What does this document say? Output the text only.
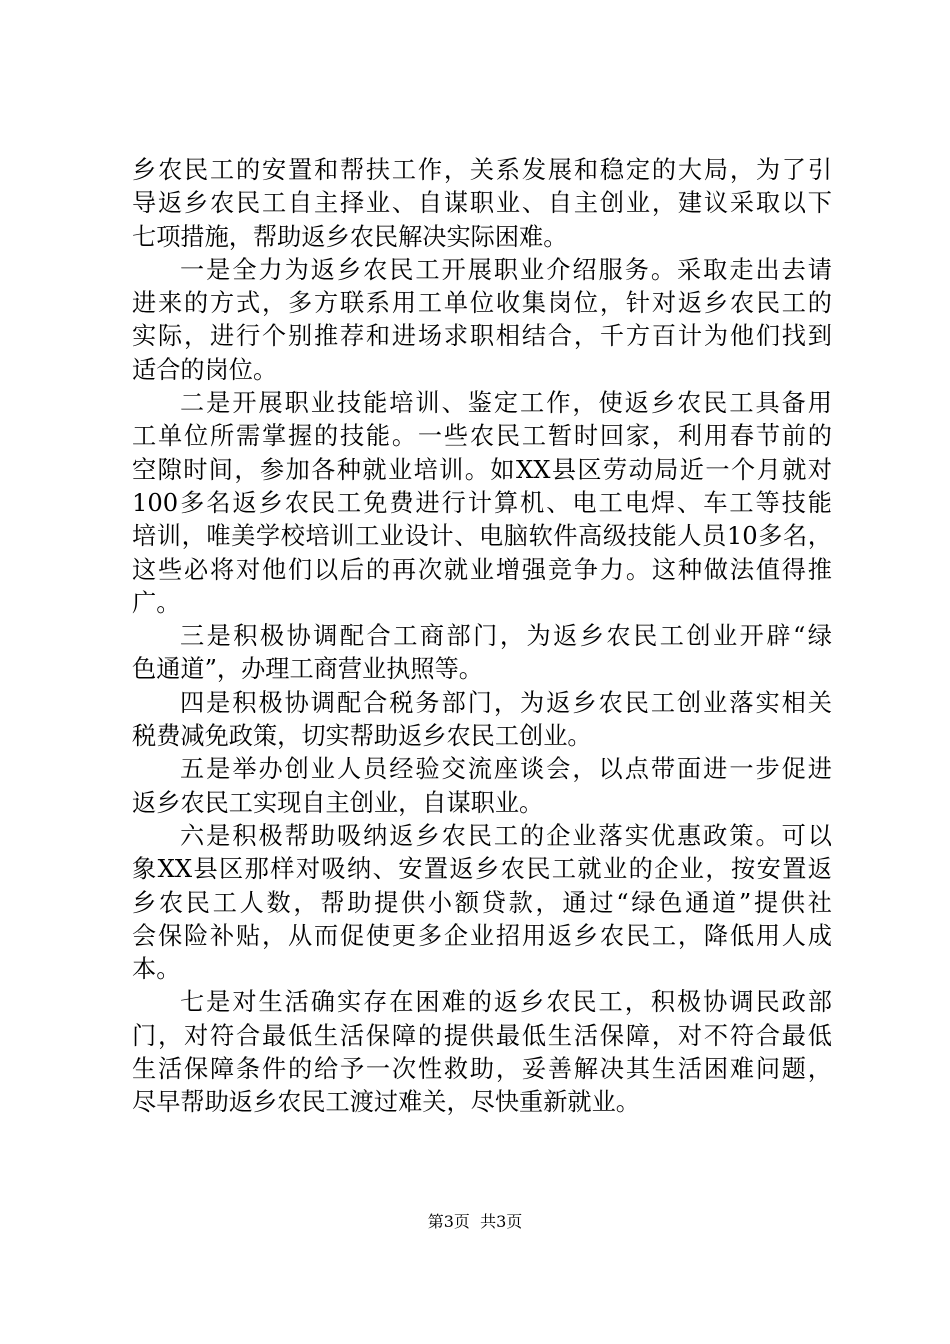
乡农民工的安置和帮扶工作，关系发展和稳定的大局，为了引
导返乡农民工自主择业、自谋职业、自主创业，建议采取以下
七项措施，帮助返乡农民解决实际困难。
一是全力为返乡农民工开展职业介绍服务。采取走出去请
进来的方式，多方联系用工单位收集岗位，针对返乡农民工的
实际，进行个别推荐和进场求职相结合，千方百计为他们找到
适合的岗位。
二是开展职业技能培训、鉴定工作，使返乡农民工具备用
工单位所需掌握的技能。一些农民工暂时回家，利用春节前的
空隙时间，参加各种就业培训。如XX县区劳动局近一个月就对
100多名返乡农民工免费进行计算机、电工电焊、车工等技能
培训，唯美学校培训工业设计、电脑软件高级技能人员10多名，
这些必将对他们以后的再次就业增强竞争力。这种做法值得推
广。
三是积极协调配合工商部门，为返乡农民工创业开辟“绿
色通道”，办理工商营业执照等。
四是积极协调配合税务部门，为返乡农民工创业落实相关
税费减免政策，切实帮助返乡农民工创业。
五是举办创业人员经验交流座谈会，以点带面进一步促进
返乡农民工实现自主创业，自谋职业。
六是积极帮助吸纳返乡农民工的企业落实优惠政策。可以
象XX县区那样对吸纳、安置返乡农民工就业的企业，按安置返
乡农民工人数，帮助提供小额贷款，通过“绿色通道”提供社
会保险补贴，从而促使更多企业招用返乡农民工，降低用人成
本。
七是对生活确实存在困难的返乡农民工，积极协调民政部
门，对符合最低生活保障的提供最低生活保障，对不符合最低
生活保障条件的给予一次性救助，妥善解决其生活困难问题，
尽早帮助返乡农民工渡过难关，尽快重新就业。
第3页  共3页
